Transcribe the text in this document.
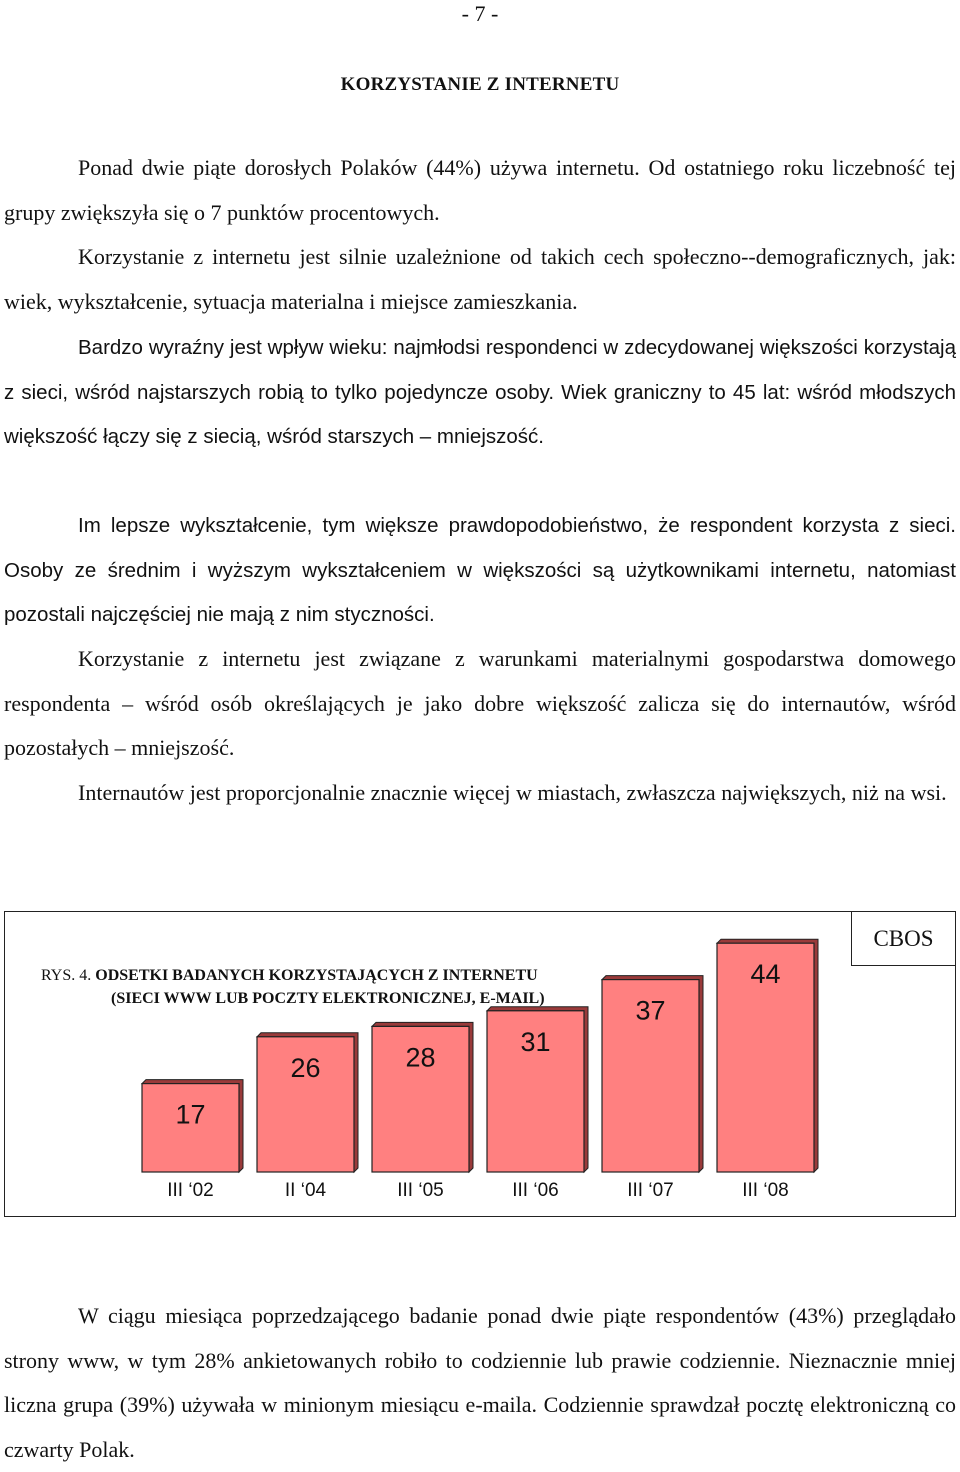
- 7 -
KORZYSTANIE Z INTERNETU

Ponad dwie piąte dorosłych Polaków (44%) używa internetu. Od ostatniego roku liczebność tej grupy zwiększyła się o 7 punktów procentowych.

Korzystanie z internetu jest silnie uzależnione od takich cech społeczno--demograficznych, jak: wiek, wykształcenie, sytuacja materialna i miejsce zamieszkania.

Bardzo wyraźny jest wpływ wieku: najmłodsi respondenci w zdecydowanej większości korzystają z sieci, wśród najstarszych robią to tylko pojedyncze osoby. Wiek graniczny to 45 lat: wśród młodszych większość łączy się z siecią, wśród starszych – mniejszość.

Im lepsze wykształcenie, tym większe prawdopodobieństwo, że respondent korzysta z sieci. Osoby ze średnim i wyższym wykształceniem w większości są użytkownikami internetu, natomiast pozostali najczęściej nie mają z nim styczności.

Korzystanie z internetu jest związane z warunkami materialnymi gospodarstwa domowego respondenta – wśród osób określających je jako dobre większość zalicza się do internautów, wśród pozostałych – mniejszość.

Internautów jest proporcjonalnie znacznie więcej w miastach, zwłaszcza największych, niż na wsi.

CBOS
RYS. 4. ODSETKI BADANYCH KORZYSTAJĄCYCH Z INTERNETU
(SIECI WWW LUB POCZTY ELEKTRONICZNEJ, E-MAIL)
17
III ‘02
26
II ‘04
28
III ‘05
31
III ‘06
37
III ‘07
44
III ‘08

W ciągu miesiąca poprzedzającego badanie ponad dwie piąte respondentów (43%) przeglądało strony www, w tym 28% ankietowanych robiło to codziennie lub prawie codziennie. Nieznacznie mniej liczna grupa (39%) używała w minionym miesiącu e-maila. Codziennie sprawdzał pocztę elektroniczną co czwarty Polak.
